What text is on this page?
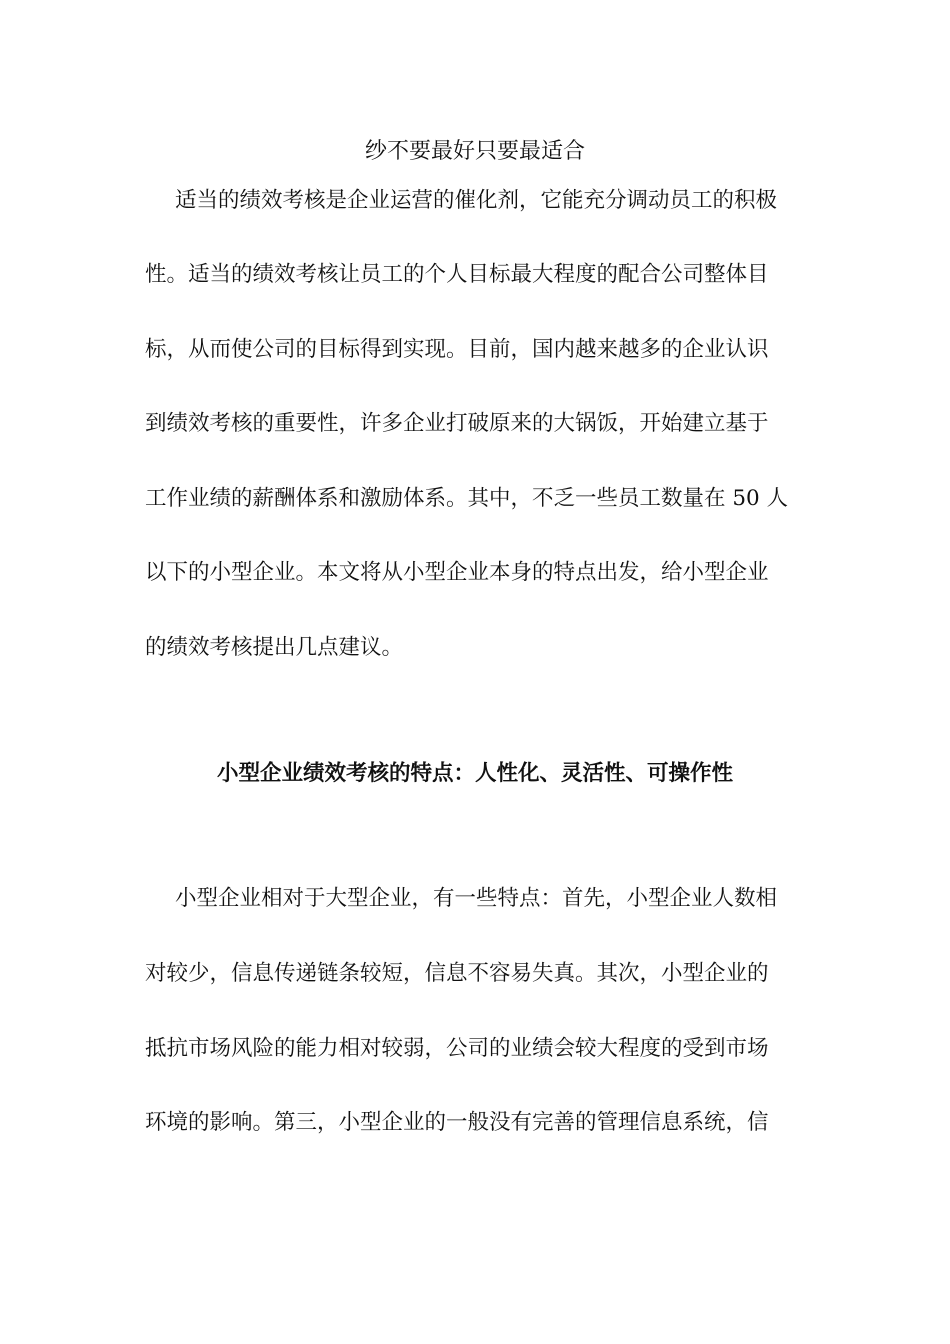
纱不要最好只要最适合
适当的绩效考核是企业运营的催化剂，它能充分调动员工的积极
性。适当的绩效考核让员工的个人目标最大程度的配合公司整体目
标，从而使公司的目标得到实现。目前，国内越来越多的企业认识
到绩效考核的重要性，许多企业打破原来的大锅饭，开始建立基于
工作业绩的薪酬体系和激励体系。其中，不乏一些员工数量在 50 人
以下的小型企业。本文将从小型企业本身的特点出发，给小型企业
的绩效考核提出几点建议。
小型企业绩效考核的特点：人性化、灵活性、可操作性
小型企业相对于大型企业，有一些特点：首先，小型企业人数相
对较少，信息传递链条较短，信息不容易失真。其次，小型企业的
抵抗市场风险的能力相对较弱，公司的业绩会较大程度的受到市场
环境的影响。第三，小型企业的一般没有完善的管理信息系统，信
